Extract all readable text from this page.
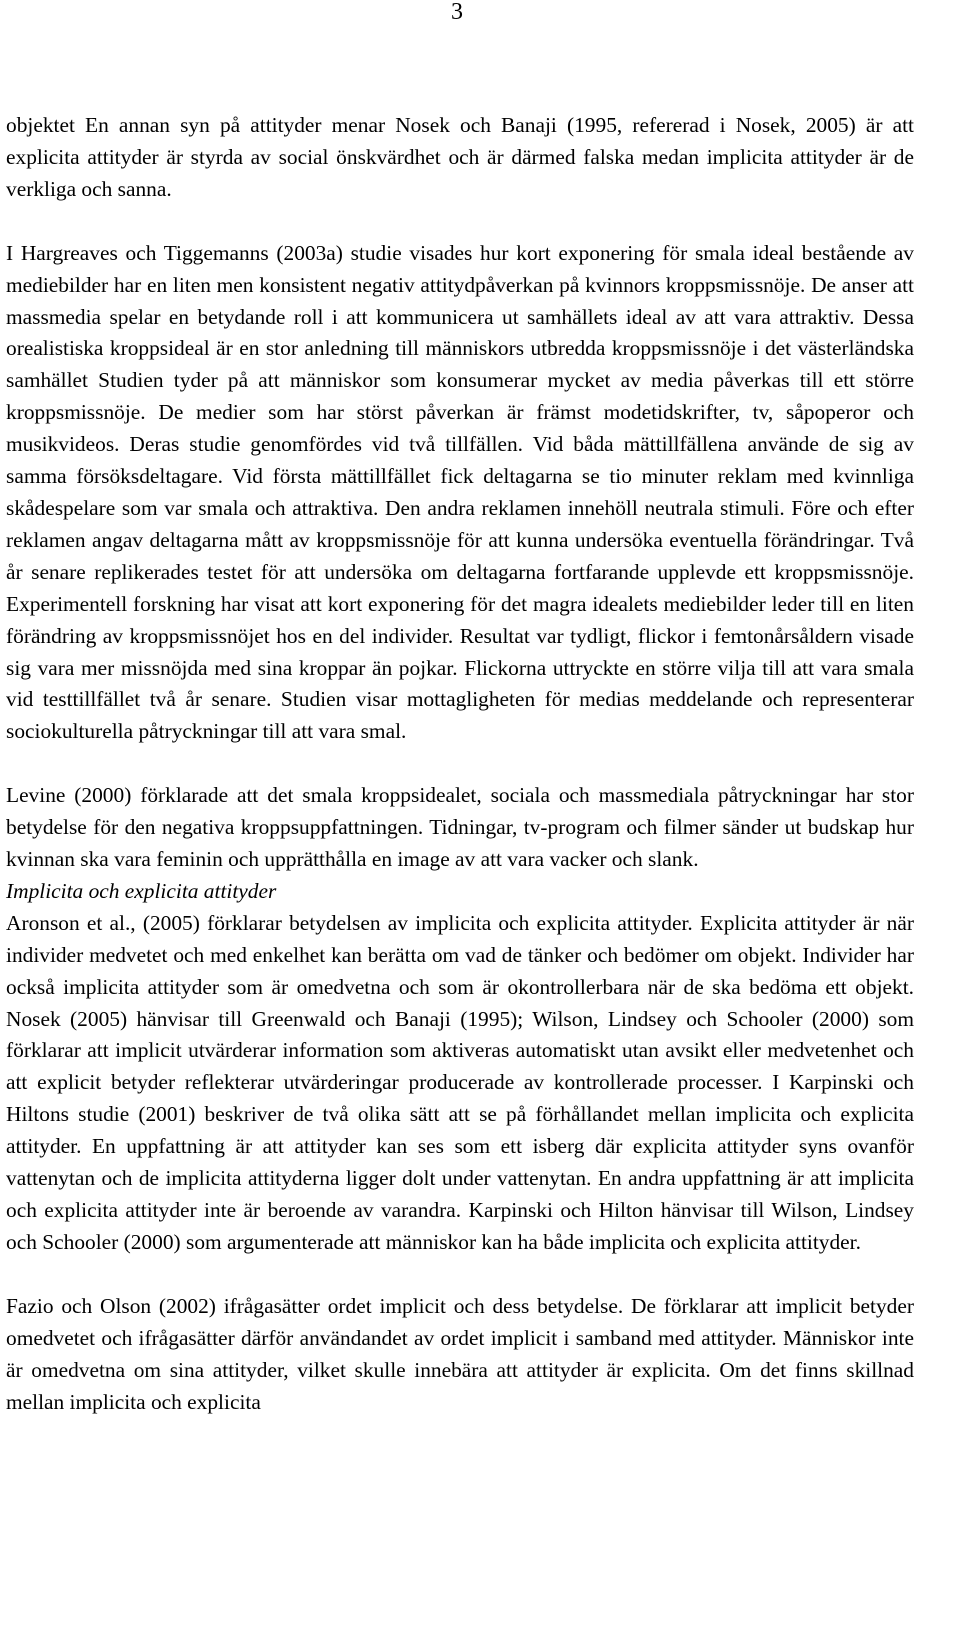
3

objektet En annan syn på attityder menar Nosek och Banaji (1995, refererad i Nosek, 2005) är att explicita attityder är styrda av social önskvärdhet och är därmed falska medan implicita attityder är de verkliga och sanna.

I Hargreaves och Tiggemanns (2003a) studie visades hur kort exponering för smala ideal bestående av mediebilder har en liten men konsistent negativ attitydpåverkan på kvinnors kroppsmissnöje. De anser att massmedia spelar en betydande roll i att kommunicera ut samhällets ideal av att vara attraktiv. Dessa orealistiska kroppsideal är en stor anledning till människors utbredda kroppsmissnöje i det västerländska samhället Studien tyder på att människor som konsumerar mycket av media påverkas till ett större kroppsmissnöje. De medier som har störst påverkan är främst modetidskrifter, tv, såpoperor och musikvideos. Deras studie genomfördes vid två tillfällen. Vid båda mättillfällena använde de sig av samma försöksdeltagare. Vid första mättillfället fick deltagarna se tio minuter reklam med kvinnliga skådespelare som var smala och attraktiva. Den andra reklamen innehöll neutrala stimuli. Före och efter reklamen angav deltagarna mått av kroppsmissnöje för att kunna undersöka eventuella förändringar. Två år senare replikerades testet för att undersöka om deltagarna fortfarande upplevde ett kroppsmissnöje. Experimentell forskning har visat att kort exponering för det magra idealets mediebilder leder till en liten förändring av kroppsmissnöjet hos en del individer. Resultat var tydligt, flickor i femtonårsåldern visade sig vara mer missnöjda med sina kroppar än pojkar. Flickorna uttryckte en större vilja till att vara smala vid testtillfället två år senare. Studien visar mottagligheten för medias meddelande och representerar sociokulturella påtryckningar till att vara smal.

Levine (2000) förklarade att det smala kroppsidealet, sociala och massmediala påtryckningar har stor betydelse för den negativa kroppsuppfattningen. Tidningar, tv-program och filmer sänder ut budskap hur kvinnan ska vara feminin och upprätthålla en image av att vara vacker och slank.

Implicita och explicita attityder

Aronson et al., (2005) förklarar betydelsen av implicita och explicita attityder. Explicita attityder är när individer medvetet och med enkelhet kan berätta om vad de tänker och bedömer om objekt. Individer har också implicita attityder som är omedvetna och som är okontrollerbara när de ska bedöma ett objekt. Nosek (2005) hänvisar till Greenwald och Banaji (1995); Wilson, Lindsey och Schooler (2000) som förklarar att implicit utvärderar information som aktiveras automatiskt utan avsikt eller medvetenhet och att explicit betyder reflekterar utvärderingar producerade av kontrollerade processer. I Karpinski och Hiltons studie (2001) beskriver de två olika sätt att se på förhållandet mellan implicita och explicita attityder. En uppfattning är att attityder kan ses som ett isberg där explicita attityder syns ovanför vattenytan och de implicita attityderna ligger dolt under vattenytan. En andra uppfattning är att implicita och explicita attityder inte är beroende av varandra. Karpinski och Hilton hänvisar till Wilson, Lindsey och Schooler (2000) som argumenterade att människor kan ha både implicita och explicita attityder.

Fazio och Olson (2002) ifrågasätter ordet implicit och dess betydelse. De förklarar att implicit betyder omedvetet och ifrågasätter därför användandet av ordet implicit i samband med attityder. Människor inte är omedvetna om sina attityder, vilket skulle innebära att attityder är explicita. Om det finns skillnad mellan implicita och explicita
